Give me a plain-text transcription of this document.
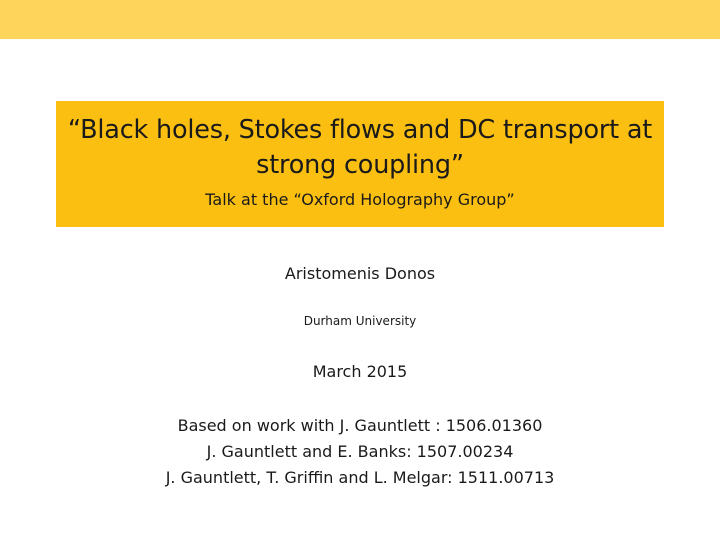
“Black holes, Stokes flows and DC transport at
strong coupling”
Talk at the “Oxford Holography Group”
Aristomenis Donos
Durham University
March 2015
Based on work with J. Gauntlett : 1506.01360
J. Gauntlett and E. Banks: 1507.00234
J. Gauntlett, T. Griffin and L. Melgar: 1511.00713
